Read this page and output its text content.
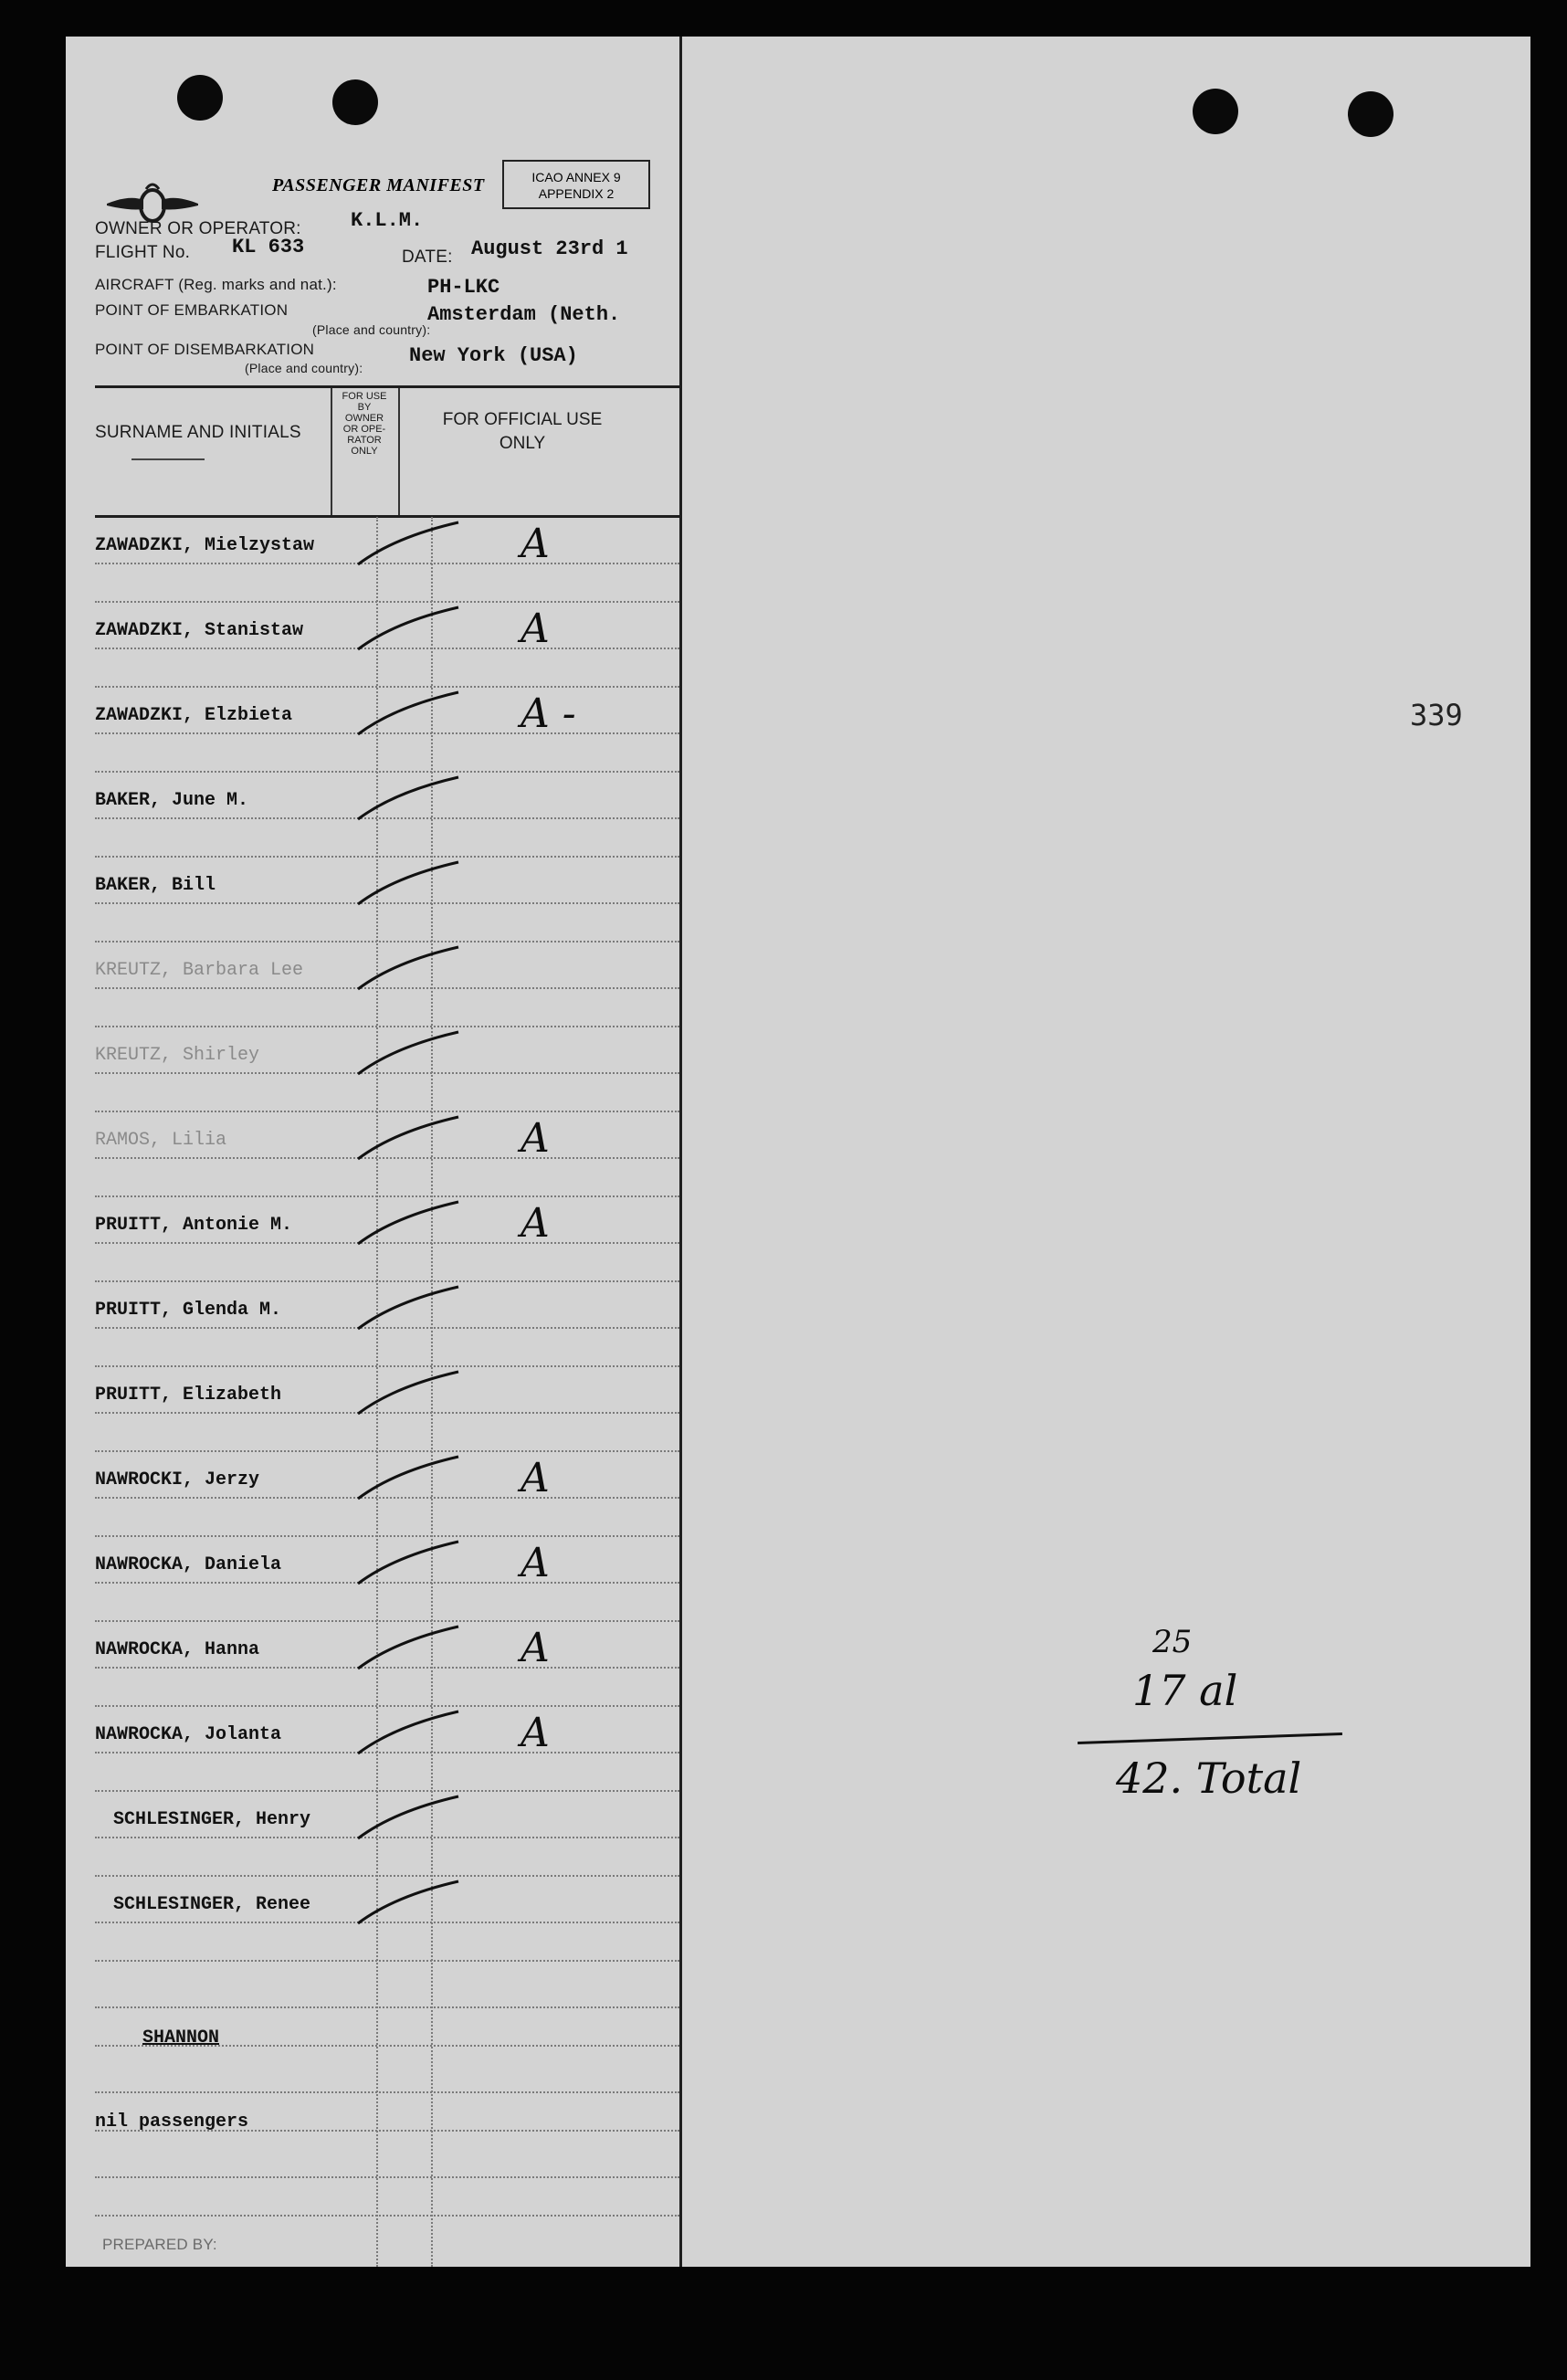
PASSENGER MANIFEST	ICAO ANNEX 9
APPENDIX 2
OWNER OR OPERATOR: K.L.M.
FLIGHT No. KL 633	DATE: August 23rd 1
AIRCRAFT (Reg. marks and nat.):	PH-LKC
POINT OF EMBARKATION	Amsterdam (Neth.
(Place and country):
POINT OF DISEMBARKATION	New York (USA)
(Place and country):
SURNAME AND INITIALS
FOR USE
BY
OWNER
OR OPE-
RATOR
ONLY
FOR OFFICIAL USE
ONLY
ZAWADZKI, Mielzystaw	A
ZAWADZKI, Stanistaw	A
ZAWADZKI, Elzbieta	A -
BAKER, June M.
BAKER, Bill
KREUTZ, Barbara Lee
KREUTZ, Shirley
RAMOS, Lilia	A
PRUITT, Antonie M.	A
PRUITT, Glenda M.
PRUITT, Elizabeth
NAWROCKI, Jerzy	A
NAWROCKA, Daniela	A
NAWROCKA, Hanna	A
NAWROCKA, Jolanta	A
SCHLESINGER, Henry
SCHLESINGER, Renee
SHANNON
nil passengers
PREPARED BY:
339
25
17 al
42. Total
